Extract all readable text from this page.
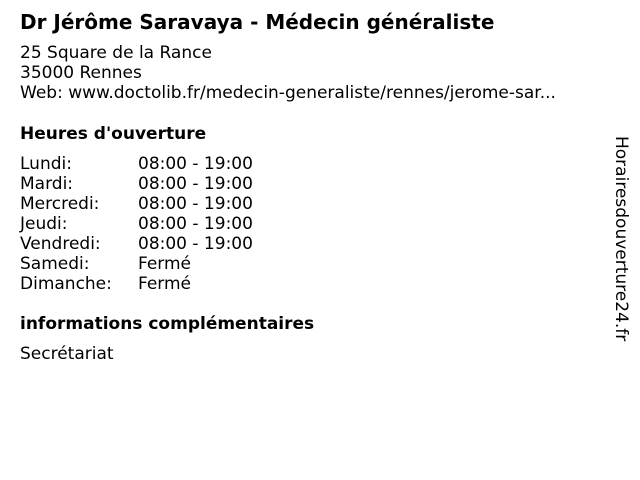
Dr Jérôme Saravaya - Médecin généraliste
25 Square de la Rance
35000 Rennes
Web: www.doctolib.fr/medecin-generaliste/rennes/jerome-sar...
Heures d'ouverture
Lundi:	08:00 - 19:00
Mardi:	08:00 - 19:00
Mercredi: 08:00 - 19:00
Jeudi:	08:00 - 19:00
Vendredi: 08:00 - 19:00
Samedi:	Fermé
Dimanche: Fermé
informations complémentaires
Secrétariat
Horairesdouverture24.fr
